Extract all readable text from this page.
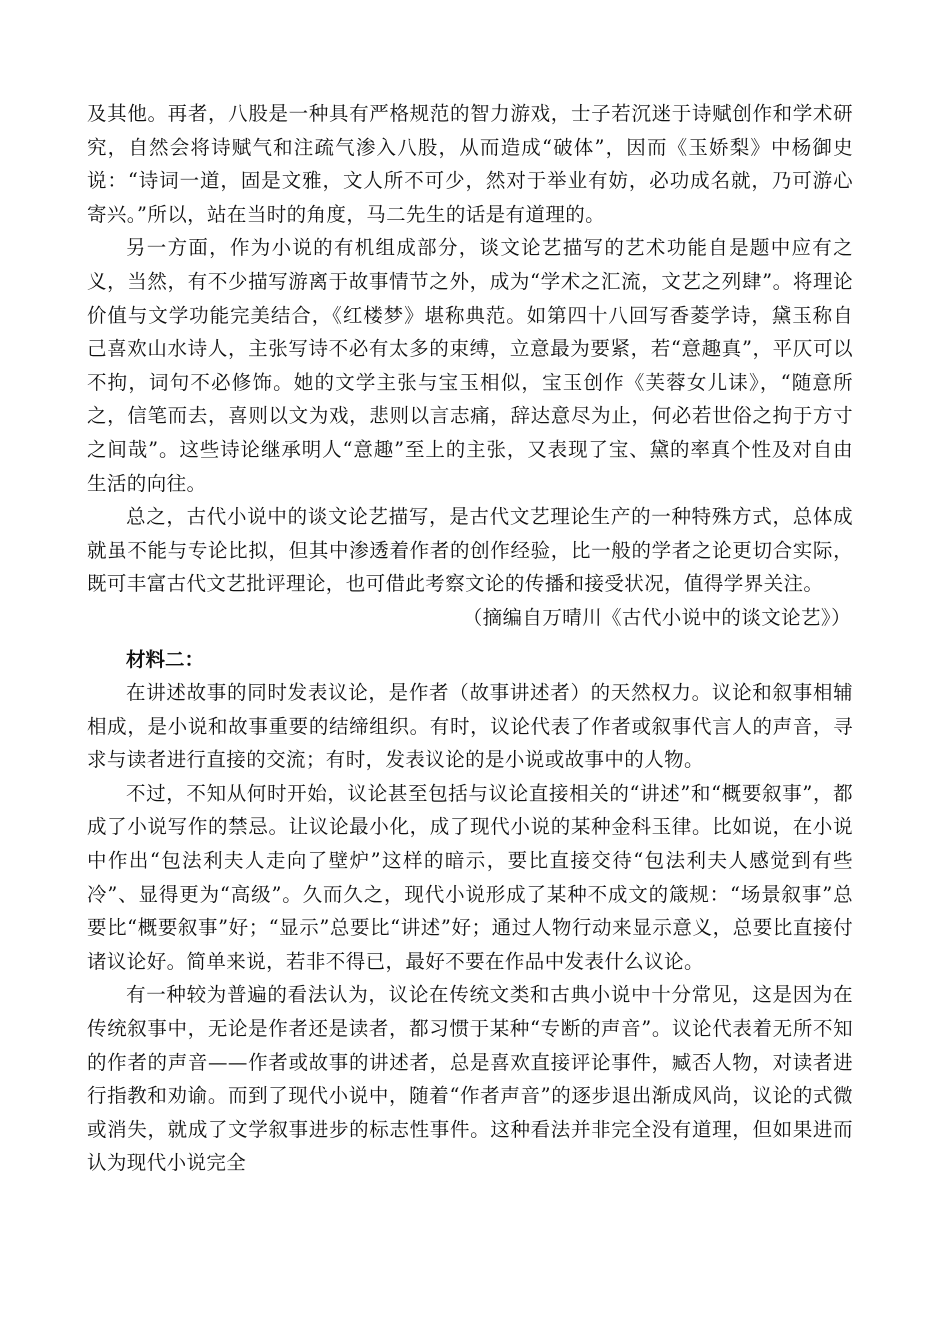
及其他。再者，八股是一种具有严格规范的智力游戏，士子若沉迷于诗赋创作和学术研究，自然会将诗赋气和注疏气渗入八股，从而造成“破体”，因而《玉娇梨》中杨御史说：“诗词一道，固是文雅，文人所不可少，然对于举业有妨，必功成名就，乃可游心寄兴。”所以，站在当时的角度，马二先生的话是有道理的。

另一方面，作为小说的有机组成部分，谈文论艺描写的艺术功能自是题中应有之义，当然，有不少描写游离于故事情节之外，成为“学术之汇流，文艺之列肆”。将理论价值与文学功能完美结合，《红楼梦》堪称典范。如第四十八回写香菱学诗，黛玉称自己喜欢山水诗人，主张写诗不必有太多的束缚，立意最为要紧，若“意趣真”，平仄可以不拘，词句不必修饰。她的文学主张与宝玉相似，宝玉创作《芙蓉女儿诔》，“随意所之，信笔而去，喜则以文为戏，悲则以言志痛，辞达意尽为止，何必若世俗之拘于方寸之间哉”。这些诗论继承明人“意趣”至上的主张，又表现了宝、黛的率真个性及对自由生活的向往。

总之，古代小说中的谈文论艺描写，是古代文艺理论生产的一种特殊方式，总体成就虽不能与专论比拟，但其中渗透着作者的创作经验，比一般的学者之论更切合实际，既可丰富古代文艺批评理论，也可借此考察文论的传播和接受状况，值得学界关注。

（摘编自万晴川《古代小说中的谈文论艺》）

材料二：

在讲述故事的同时发表议论，是作者（故事讲述者）的天然权力。议论和叙事相辅相成，是小说和故事重要的结缔组织。有时，议论代表了作者或叙事代言人的声音，寻求与读者进行直接的交流；有时，发表议论的是小说或故事中的人物。

不过，不知从何时开始，议论甚至包括与议论直接相关的“讲述”和“概要叙事”，都成了小说写作的禁忌。让议论最小化，成了现代小说的某种金科玉律。比如说，在小说中作出“包法利夫人走向了壁炉”这样的暗示，要比直接交待“包法利夫人感觉到有些冷”、显得更为“高级”。久而久之，现代小说形成了某种不成文的箴规：“场景叙事”总要比“概要叙事”好；“显示”总要比“讲述”好；通过人物行动来显示意义，总要比直接付诸议论好。简单来说，若非不得已，最好不要在作品中发表什么议论。

有一种较为普遍的看法认为，议论在传统文类和古典小说中十分常见，这是因为在传统叙事中，无论是作者还是读者，都习惯于某种“专断的声音”。议论代表着无所不知的作者的声音——作者或故事的讲述者，总是喜欢直接评论事件，臧否人物，对读者进行指教和劝谕。而到了现代小说中，随着“作者声音”的逐步退出渐成风尚，议论的式微或消失，就成了文学叙事进步的标志性事件。这种看法并非完全没有道理，但如果进而认为现代小说完全
